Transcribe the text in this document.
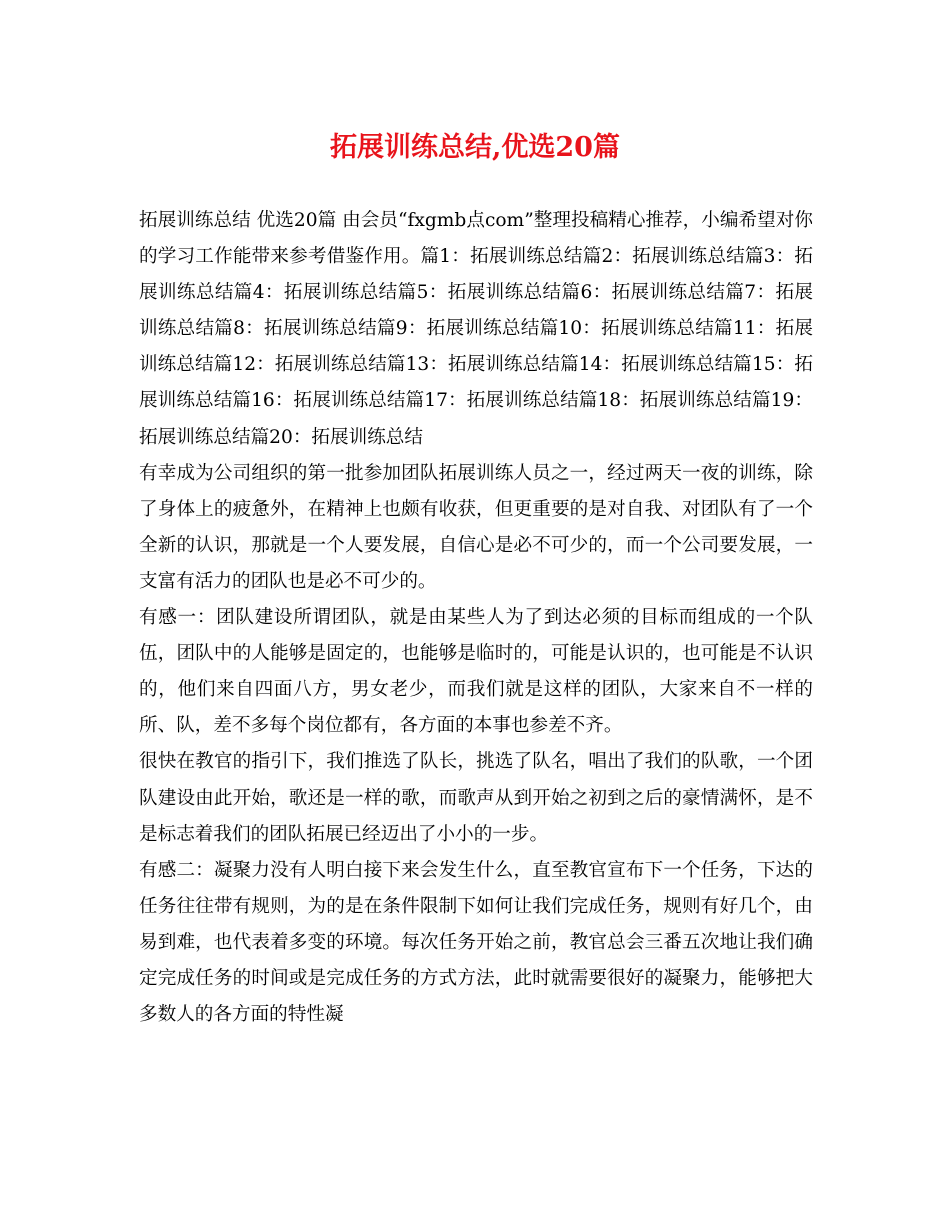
拓展训练总结,优选20篇

拓展训练总结 优选20篇 由会员“fxgmb点com”整理投稿精心推荐，小编希望对你的学习工作能带来参考借鉴作用。篇1：拓展训练总结篇2：拓展训练总结篇3：拓展训练总结篇4：拓展训练总结篇5：拓展训练总结篇6：拓展训练总结篇7：拓展训练总结篇8：拓展训练总结篇9：拓展训练总结篇10：拓展训练总结篇11：拓展训练总结篇12：拓展训练总结篇13：拓展训练总结篇14：拓展训练总结篇15：拓展训练总结篇16：拓展训练总结篇17：拓展训练总结篇18：拓展训练总结篇19：拓展训练总结篇20：拓展训练总结

有幸成为公司组织的第一批参加团队拓展训练人员之一，经过两天一夜的训练，除了身体上的疲惫外，在精神上也颇有收获，但更重要的是对自我、对团队有了一个全新的认识，那就是一个人要发展，自信心是必不可少的，而一个公司要发展，一支富有活力的团队也是必不可少的。

有感一：团队建设所谓团队，就是由某些人为了到达必须的目标而组成的一个队伍，团队中的人能够是固定的，也能够是临时的，可能是认识的，也可能是不认识的，他们来自四面八方，男女老少，而我们就是这样的团队，大家来自不一样的所、队，差不多每个岗位都有，各方面的本事也参差不齐。

很快在教官的指引下，我们推选了队长，挑选了队名，唱出了我们的队歌，一个团队建设由此开始，歌还是一样的歌，而歌声从到开始之初到之后的豪情满怀，是不是标志着我们的团队拓展已经迈出了小小的一步。

有感二：凝聚力没有人明白接下来会发生什么，直至教官宣布下一个任务，下达的任务往往带有规则，为的是在条件限制下如何让我们完成任务，规则有好几个，由易到难，也代表着多变的环境。每次任务开始之前，教官总会三番五次地让我们确定完成任务的时间或是完成任务的方式方法，此时就需要很好的凝聚力，能够把大多数人的各方面的特性凝
